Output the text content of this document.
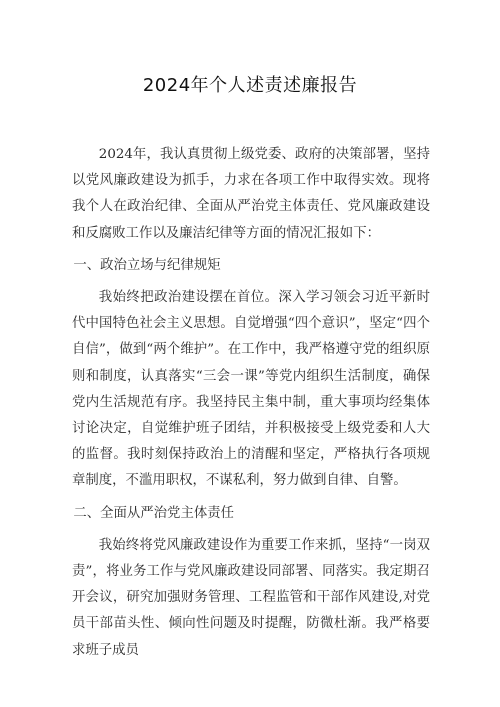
2024年个人述责述廉报告

2024年，我认真贯彻上级党委、政府的决策部署，坚持以党风廉政建设为抓手，力求在各项工作中取得实效。现将我个人在政治纪律、全面从严治党主体责任、党风廉政建设和反腐败工作以及廉洁纪律等方面的情况汇报如下：

一、政治立场与纪律规矩

我始终把政治建设摆在首位。深入学习领会习近平新时代中国特色社会主义思想。自觉增强“四个意识”，坚定“四个自信”，做到“两个维护”。在工作中，我严格遵守党的组织原则和制度，认真落实“三会一课”等党内组织生活制度，确保党内生活规范有序。我坚持民主集中制，重大事项均经集体讨论决定，自觉维护班子团结，并积极接受上级党委和人大的监督。我时刻保持政治上的清醒和坚定，严格执行各项规章制度，不滥用职权，不谋私利，努力做到自律、自警。

二、全面从严治党主体责任

我始终将党风廉政建设作为重要工作来抓，坚持“一岗双责”，将业务工作与党风廉政建设同部署、同落实。我定期召开会议，研究加强财务管理、工程监管和干部作风建设,对党员干部苗头性、倾向性问题及时提醒，防微杜渐。我严格要求班子成员
